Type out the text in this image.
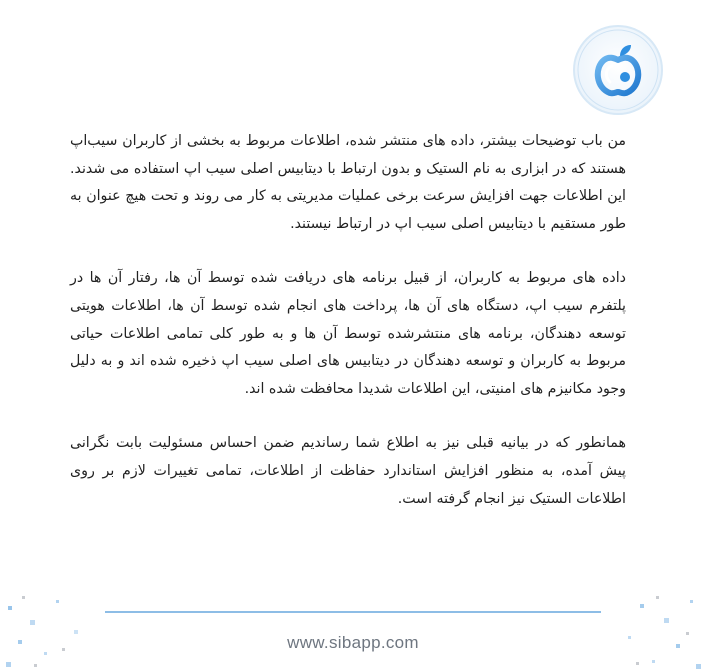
من باب توضیحات بیشتر، داده های منتشر شده، اطلاعات مربوط به بخشی از کاربران سیب‌اپ هستند که در ابزاری به نام الستیک و بدون ارتباط با دیتابیس اصلی سیب اپ استفاده می شدند. این اطلاعات جهت افزایش سرعت برخی عملیات مدیریتی به کار می روند و تحت هیچ عنوان به طور مستقیم با دیتابیس اصلی سیب اپ در ارتباط نیستند.

داده های مربوط به کاربران، از قبیل برنامه های دریافت شده توسط آن ها، رفتار آن ها در پلتفرم سیب اپ، دستگاه های آن ها، پرداخت های انجام شده توسط آن ها، اطلاعات هویتی توسعه دهندگان، برنامه های منتشرشده توسط آن ها و به طور کلی تمامی اطلاعات حیاتی مربوط به کاربران و توسعه دهندگان در دیتابیس های اصلی سیب اپ ذخیره شده اند و به دلیل وجود مکانیزم های امنیتی، این اطلاعات شدیدا محافظت شده اند.

همانطور که در بیانیه قبلی نیز به اطلاع شما رساندیم ضمن احساس مسئولیت بابت نگرانی پیش آمده، به منظور افزایش استاندارد حفاظت از اطلاعات، تمامی تغییرات لازم بر روی اطلاعات الستیک نیز انجام گرفته است.

www.sibapp.com
